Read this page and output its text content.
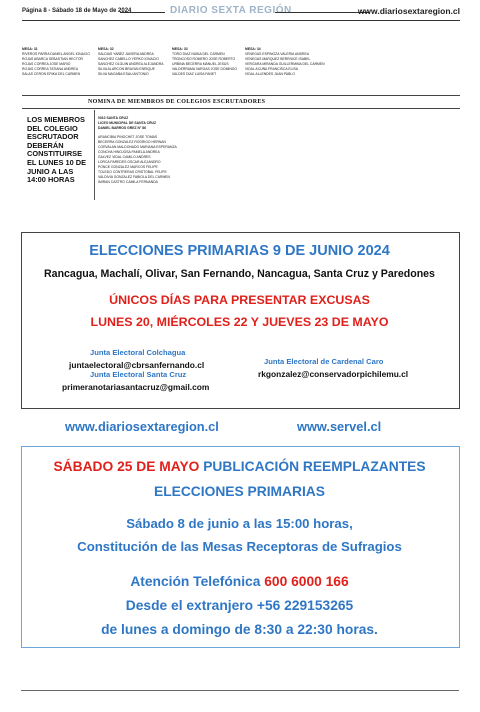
Página 8 - Sábado 18 de Mayo de 2024	DIARIO SEXTA REGIÓN	www.diariosextaregion.cl
MESA: 31
RIVEROS PARRA DANIEL ANGEL IGNACIO
ROJAS ABARCA SEBASTIAN HECTOR
ROJAS CORREA JOSE MARIO
ROJAS CORREA TATIANA ANDREA
SALAS CERON ERIKA DEL CARMEN
MESA: 32
SALDIAS YAÑEZ JAVIERA ANDREA
SANCHEZ CABELLO YERKO IGNACIO
SANCHEZ OLGUIN ANDREA ALEJANDRA
SILVA ALARCON BRAYAN ENRIQUE
SILVA MAGAÑA ESAU ANTONIO
MESA: 33
TORO DIAZ NUBIA DEL CARMEN
TRONCOSO ROMERO JOSE ROBERTO
URBINA BECERRA MANUEL JESUS
VALDERRAMA VARGAS JOSE DOMINGO
VALDES DIAZ LUISA FANET
MESA: 34
VENEGAS ESPINOZA VALERIA ANDREA
VENEGAS MARQUEZ BERENICE ISABEL
VERGARA MIRANDA GUILLERMINA DEL CARMEN
VIDAL ACUÑA FRANCISCA ELISA
VIDAL ALLENDES JUAN PABLO
NOMINA DE MIEMBROS DE COLEGIOS ESCRUTADORES
LOS MIEMBROS DEL COLEGIO ESCRUTADOR DEBERÁN CONSTITUIRSE EL LUNES 10 DE JUNIO A LAS 14:00 HORAS
0010 SANTA CRUZ
LICEO MUNICIPAL DE SANTA CRUZ
DANIEL BARROS GREZ N° 86
ARANCIBIA PINOCHET JOSE TOMAS
BECERRA GONZALEZ RODRIGO HERNAN
CORVALAN MALDONADO MARIANA ESPERANZA
CONCHA HINOJOSA PAMELA ANDREA
GALVEZ VIDAL CAMILO ANDRES
LORCA PAREDES OSCAR ALEJANDRO
PONCE GONZALEZ MARCOS FELIPE
TOLEDO CONTRERAS CRISTOBAL FELIPE
VALDIVIA GONZALEZ FABIOLA DEL CARMEN
IMIRAN CASTRO CAMILA FERNANDA
ELECCIONES PRIMARIAS 9 DE JUNIO 2024
Rancagua, Machalí, Olivar, San Fernando, Nancagua, Santa Cruz y Paredones
ÚNICOS DÍAS PARA PRESENTAR EXCUSAS
LUNES 20, MIÉRCOLES 22 Y JUEVES 23 DE MAYO
Junta Electoral Colchagua
juntaelectoral@cbrsanfernando.cl
Junta Electoral Santa Cruz
primeranotariasantacruz@gmail.com
Junta Electoral de Cardenal Caro
rkgonzalez@conservadorpichilemu.cl
www.diariosextaregion.cl	www.servel.cl
SÁBADO 25 DE MAYO PUBLICACIÓN REEMPLAZANTES
ELECCIONES PRIMARIAS
Sábado 8 de junio a las 15:00 horas,
Constitución de las Mesas Receptoras de Sufragios
Atención Telefónica 600 6000 166
Desde el extranjero +56 229153265
de lunes a domingo de 8:30 a 22:30 horas.
